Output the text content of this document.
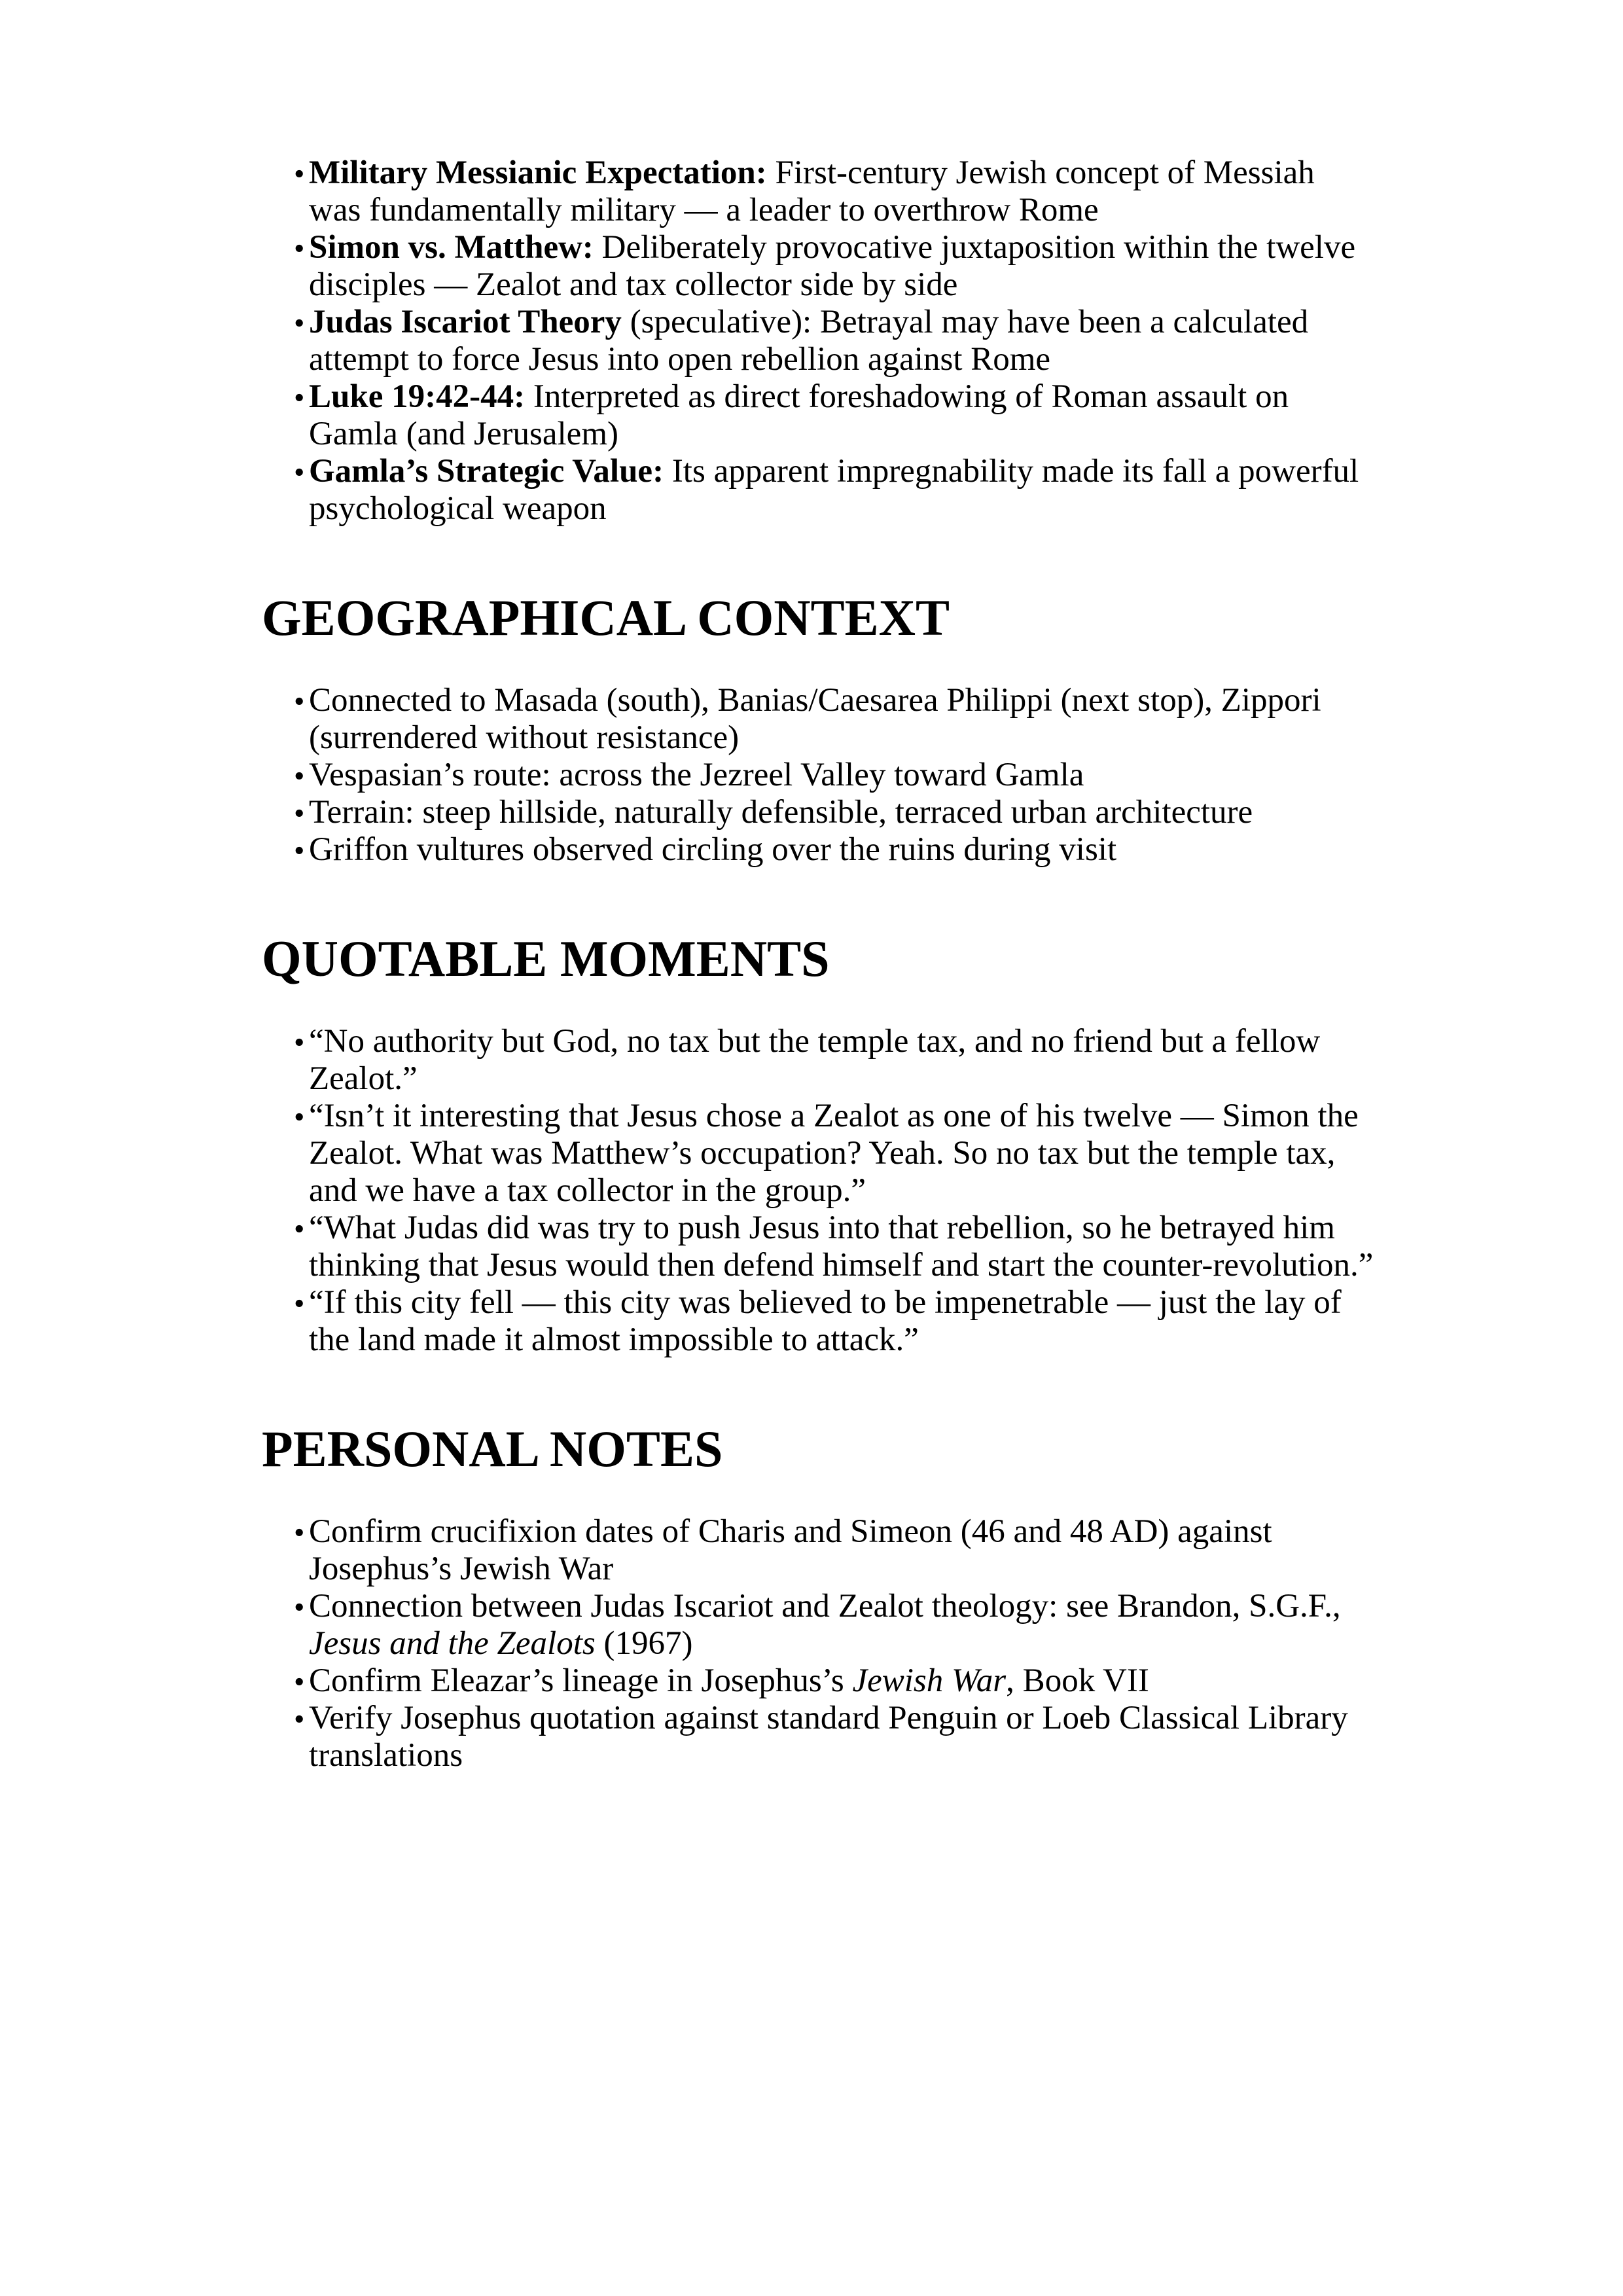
• Military Messianic Expectation: First-century Jewish concept of Messiah was fundamentally military — a leader to overthrow Rome
• Simon vs. Matthew: Deliberately provocative juxtaposition within the twelve disciples — Zealot and tax collector side by side
• Judas Iscariot Theory (speculative): Betrayal may have been a calculated attempt to force Jesus into open rebellion against Rome
• Luke 19:42-44: Interpreted as direct foreshadowing of Roman assault on Gamla (and Jerusalem)
• Gamla’s Strategic Value: Its apparent impregnability made its fall a powerful psychological weapon
GEOGRAPHICAL CONTEXT
• Connected to Masada (south), Banias/Caesarea Philippi (next stop), Zippori (surrendered without resistance)
• Vespasian’s route: across the Jezreel Valley toward Gamla
• Terrain: steep hillside, naturally defensible, terraced urban architecture
• Griffon vultures observed circling over the ruins during visit
QUOTABLE MOMENTS
• “No authority but God, no tax but the temple tax, and no friend but a fellow Zealot.”
• “Isn’t it interesting that Jesus chose a Zealot as one of his twelve — Simon the Zealot. What was Matthew’s occupation? Yeah. So no tax but the temple tax, and we have a tax collector in the group.”
• “What Judas did was try to push Jesus into that rebellion, so he betrayed him thinking that Jesus would then defend himself and start the counter-revolution.”
• “If this city fell — this city was believed to be impenetrable — just the lay of the land made it almost impossible to attack.”
PERSONAL NOTES
• Confirm crucifixion dates of Charis and Simeon (46 and 48 AD) against Josephus’s Jewish War
• Connection between Judas Iscariot and Zealot theology: see Brandon, S.G.F., Jesus and the Zealots (1967)
• Confirm Eleazar’s lineage in Josephus’s Jewish War, Book VII
• Verify Josephus quotation against standard Penguin or Loeb Classical Library translations
